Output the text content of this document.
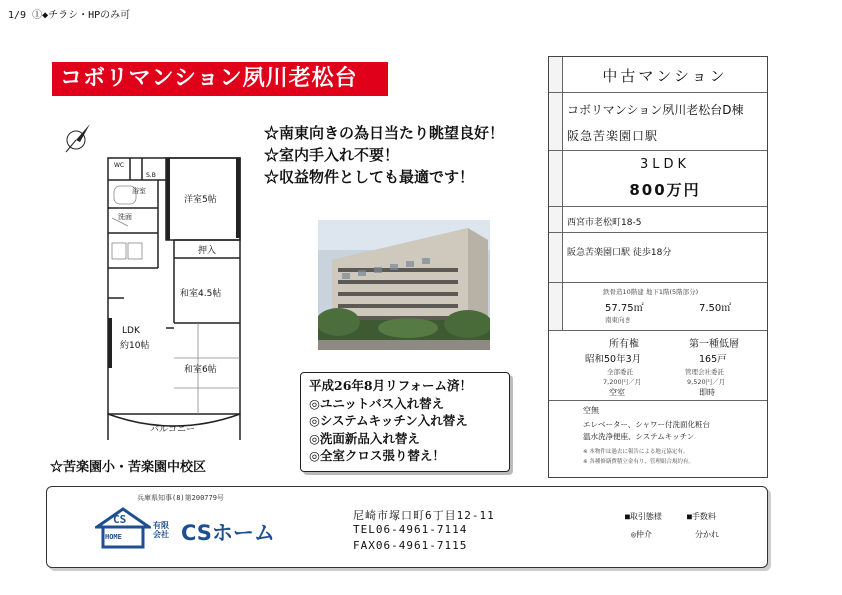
1/9 ①◆チラシ・HPのみ可
コボリマンション夙川老松台
洋室5帖
押入
和室4.5帖
LDK
約10帖
和室6帖
浴室
洗面
WC
S.B
バルコニー
☆南東向きの為日当たり眺望良好！
☆室内手入れ不要！
☆収益物件としても最適です！
平成26年8月リフォーム済！
◎ユニットバス入れ替え
◎システムキッチン入れ替え
◎洗面新品入れ替え
◎全室クロス張り替え！
☆苦楽園小・苦楽園中校区
中古マンション
コボリマンション夙川老松台D棟
阪急苦楽園口駅
3LDK
800万円
西宮市老松町18-5
阪急苦楽園口駅 徒歩18分
鉄骨造10階建 地下1階(5階部分)
57.75㎡	7.50㎡
南東向き
所有権	第一種低層
昭和50年3月	165戸
全部委託	管理会社委託
7,200円／月	9,520円／月
空室	即時
空無
エレベーター、シャワー付洗面化粧台
温水洗浄便座、システムキッチン
※ 本物件は過去に報告による地元協定有。
※ 各種修繕費積立金有り、管理組合規約有。
兵庫県知事(8)第200779号
CS
HOME
有限会社 CSホーム
尼崎市塚口町6丁目12-11
TEL06-4961-7114
FAX06-4961-7115
■取引態様
◎仲介
■手数料
分かれ
